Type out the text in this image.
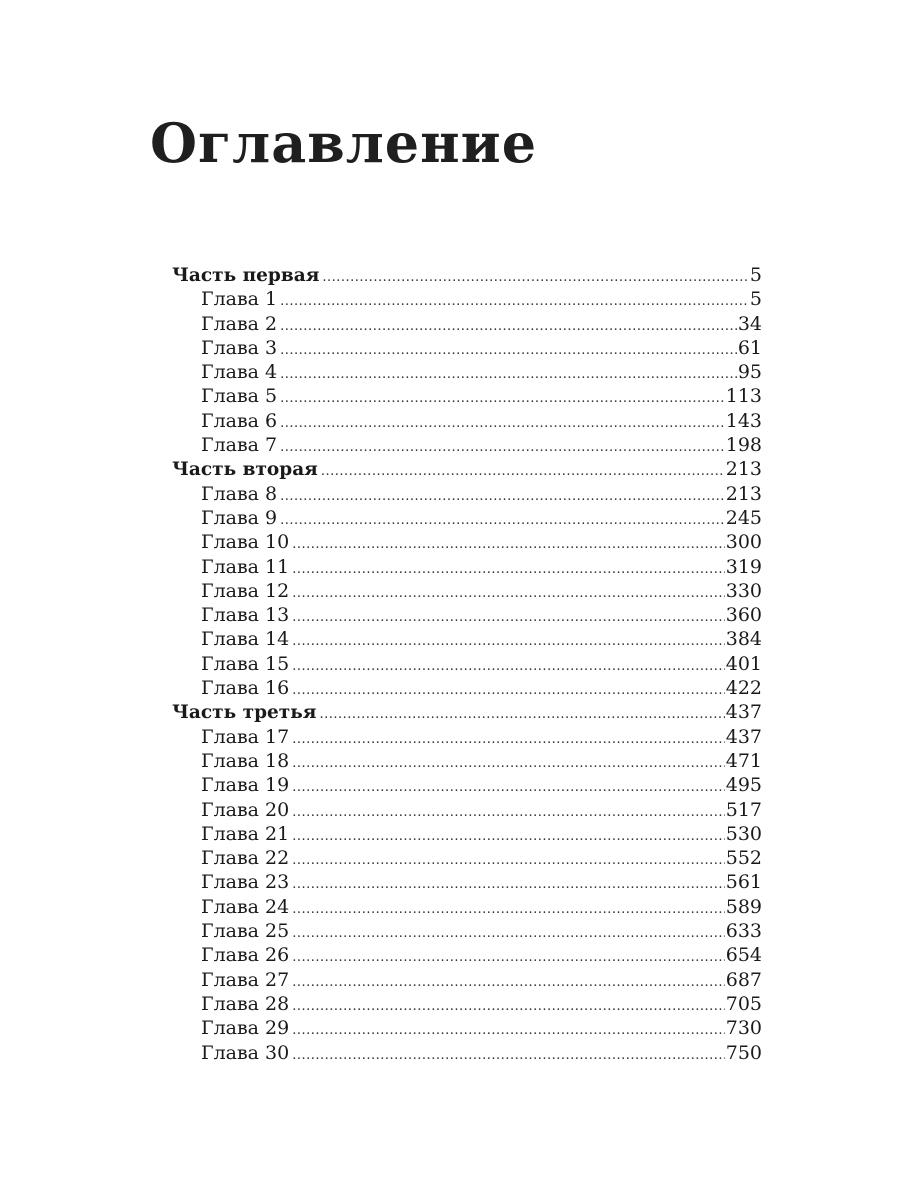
Оглавление
Часть первая .....	5
Глава 1 .....	5
Глава 2 .....	34
Глава 3 .....	61
Глава 4 .....	95
Глава 5 .....	113
Глава 6 .....	143
Глава 7 .....	198
Часть вторая .....	213
Глава 8 .....	213
Глава 9 .....	245
Глава 10 .....	300
Глава 11 .....	319
Глава 12 .....	330
Глава 13 .....	360
Глава 14 .....	384
Глава 15 .....	401
Глава 16 .....	422
Часть третья .....	437
Глава 17 .....	437
Глава 18 .....	471
Глава 19 .....	495
Глава 20 .....	517
Глава 21 .....	530
Глава 22 .....	552
Глава 23 .....	561
Глава 24 .....	589
Глава 25 .....	633
Глава 26 .....	654
Глава 27 .....	687
Глава 28 .....	705
Глава 29 .....	730
Глава 30 .....	750
